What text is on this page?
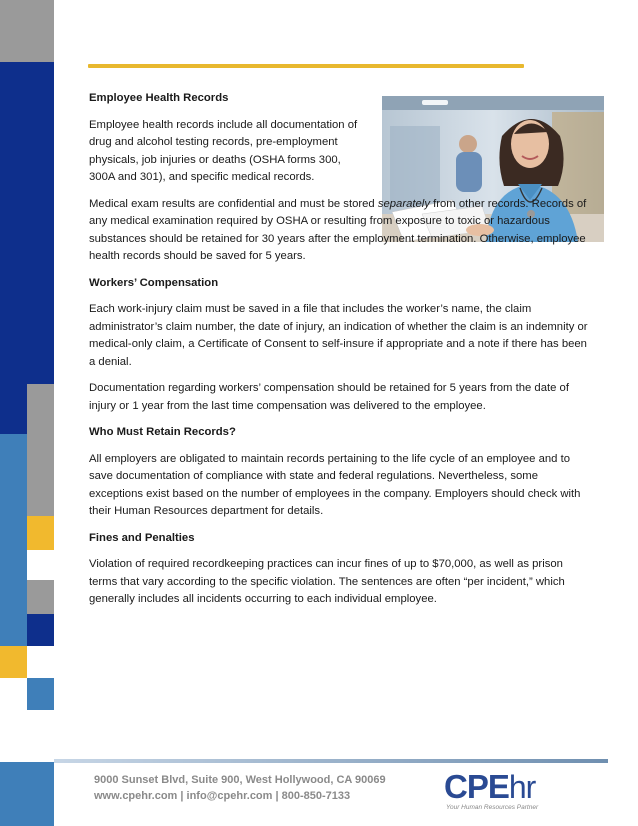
Employee Health Records
Employee health records include all documentation of drug and alcohol testing records, pre-employment physicals, job injuries or deaths (OSHA forms 300, 300A and 301), and specific medical records.
Medical exam results are confidential and must be stored separately from other records. Records of any medical examination required by OSHA or resulting from exposure to toxic or hazardous substances should be retained for 30 years after the employment termination. Otherwise, employee health records should be saved for 5 years.
Workers’ Compensation
Each work-injury claim must be saved in a file that includes the worker’s name, the claim administrator’s claim number, the date of injury, an indication of whether the claim is an indemnity or medical-only claim, a Certificate of Consent to self-insure if appropriate and a note if there has been a denial.
Documentation regarding workers’ compensation should be retained for 5 years from the date of injury or 1 year from the last time compensation was delivered to the employee.
Who Must Retain Records?
All employers are obligated to maintain records pertaining to the life cycle of an employee and to save documentation of compliance with state and federal regulations. Nevertheless, some exceptions exist based on the number of employees in the company. Employers should check with their Human Resources department for details.
Fines and Penalties
Violation of required recordkeeping practices can incur fines of up to $70,000, as well as prison terms that vary according to the specific violation. The sentences are often “per incident,” which generally includes all incidents occurring to each individual employee.
9000 Sunset Blvd, Suite 900, West Hollywood, CA 90069
www.cpehr.com | info@cpehr.com | 800-850-7133	CPEhr
Your Human Resources Partner
